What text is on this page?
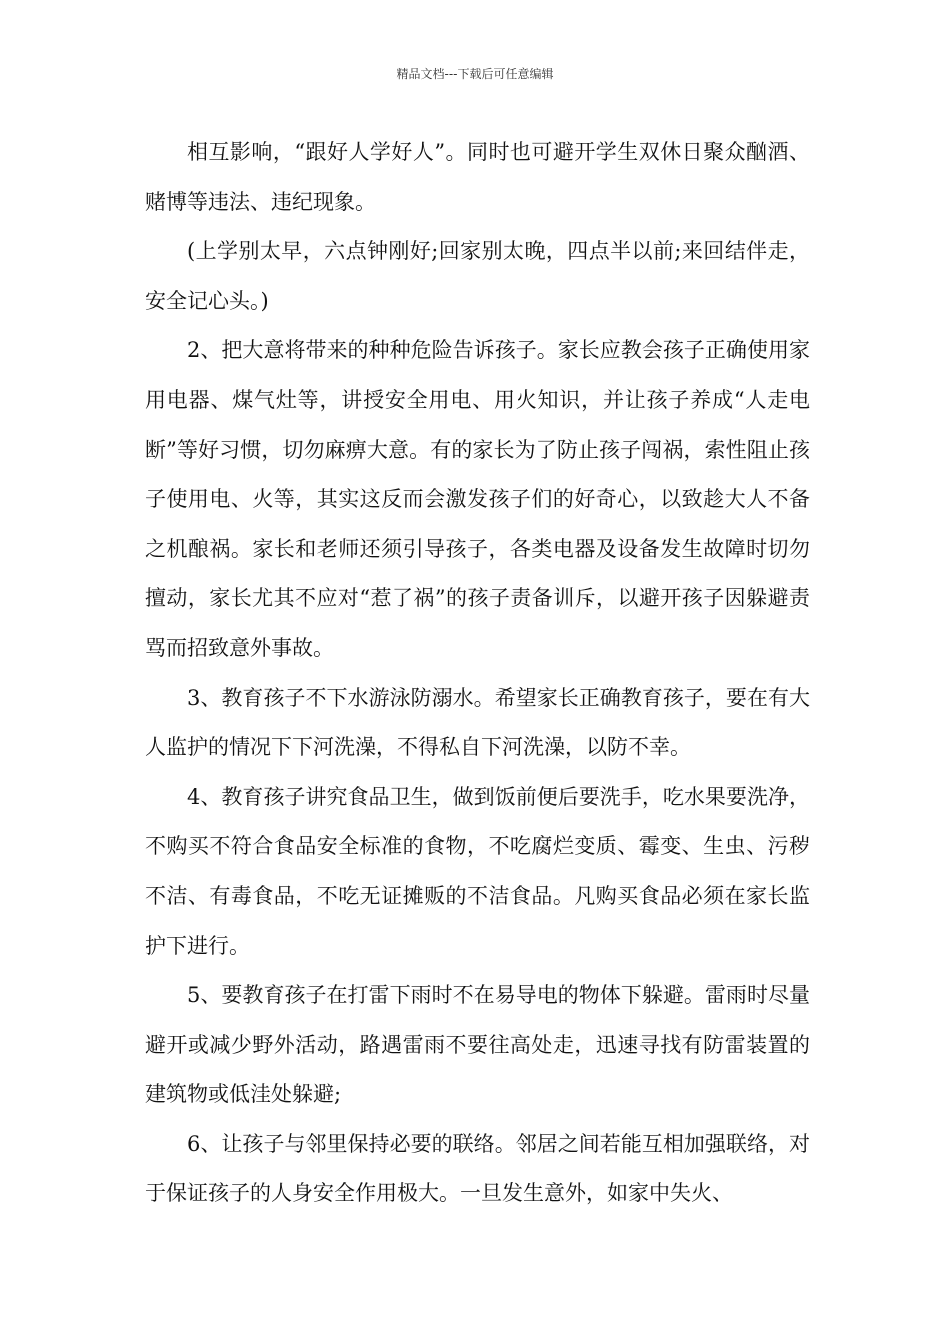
精品文档---下载后可任意编辑

相互影响，“跟好人学好人”。同时也可避开学生双休日聚众酗酒、赌博等违法、违纪现象。

(上学别太早，六点钟刚好;回家别太晚，四点半以前;来回结伴走，安全记心头。)

2、把大意将带来的种种危险告诉孩子。家长应教会孩子正确使用家用电器、煤气灶等，讲授安全用电、用火知识，并让孩子养成“人走电断”等好习惯，切勿麻痹大意。有的家长为了防止孩子闯祸，索性阻止孩子使用电、火等，其实这反而会激发孩子们的好奇心，以致趁大人不备之机酿祸。家长和老师还须引导孩子，各类电器及设备发生故障时切勿擅动，家长尤其不应对“惹了祸”的孩子责备训斥，以避开孩子因躲避责骂而招致意外事故。

3、教育孩子不下水游泳防溺水。希望家长正确教育孩子，要在有大人监护的情况下下河洗澡，不得私自下河洗澡，以防不幸。

4、教育孩子讲究食品卫生，做到饭前便后要洗手，吃水果要洗净，不购买不符合食品安全标准的食物，不吃腐烂变质、霉变、生虫、污秽不洁、有毒食品，不吃无证摊贩的不洁食品。凡购买食品必须在家长监护下进行。

5、要教育孩子在打雷下雨时不在易导电的物体下躲避。雷雨时尽量避开或减少野外活动，路遇雷雨不要往高处走，迅速寻找有防雷装置的建筑物或低洼处躲避;

6、让孩子与邻里保持必要的联络。邻居之间若能互相加强联络，对于保证孩子的人身安全作用极大。一旦发生意外，如家中失火、
